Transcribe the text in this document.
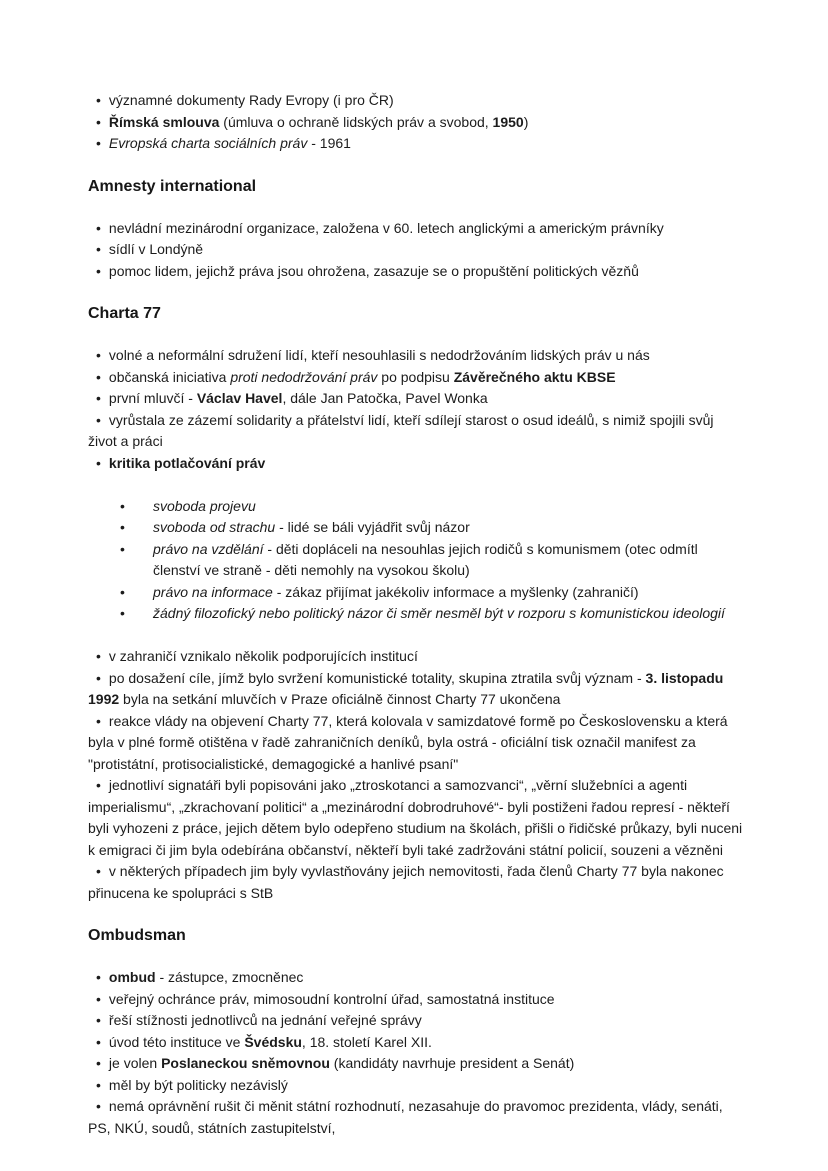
• významné dokumenty Rady Evropy (i pro ČR)

• Římská smlouva (úmluva o ochraně lidských práv a svobod, 1950)

• Evropská charta sociálních práv - 1961

Amnesty international

• nevládní mezinárodní organizace, založena v 60. letech anglickými a americkým právníky

• sídlí v Londýně

• pomoc lidem, jejichž práva jsou ohrožena, zasazuje se o propuštění politických vězňů

Charta 77

• volné a neformální sdružení lidí, kteří nesouhlasili s nedodržováním lidských práv u nás

• občanská iniciativa proti nedodržování práv po podpisu Závěrečného aktu KBSE

• první mluvčí - Václav Havel, dále Jan Patočka, Pavel Wonka

• vyrůstala ze zázemí solidarity a přátelství lidí, kteří sdílejí starost o osud ideálů, s nimiž spojili svůj život a práci

• kritika potlačování práv

• svoboda projevu

• svoboda od strachu - lidé se báli vyjádřit svůj názor

• právo na vzdělání - děti dopláceli na nesouhlas jejich rodičů s komunismem (otec odmítl členství ve straně - děti nemohly na vysokou školu)

• právo na informace - zákaz přijímat jakékoliv informace a myšlenky (zahraničí)

• žádný filozofický nebo politický názor či směr nesměl být v rozporu s komunistickou ideologií

• v zahraničí vznikalo několik podporujících institucí

• po dosažení cíle, jímž bylo svržení komunistické totality, skupina ztratila svůj význam - 3. listopadu 1992 byla na setkání mluvčích v Praze oficiálně činnost Charty 77 ukončena

• reakce vlády na objevení Charty 77, která kolovala v samizdatové formě po Československu a která byla v plné formě otištěna v řadě zahraničních deníků, byla ostrá - oficiální tisk označil manifest za "protistátní, protisocialistické, demagogické a hanlivé psaní"

• jednotliví signatáři byli popisováni jako „ztroskotanci a samozvanci“, „věrní služebníci a agenti imperialismu“, „zkrachovaní politici“ a „mezinárodní dobrodruhové“- byli postiženi řadou represí - někteří byli vyhozeni z práce, jejich dětem bylo odepřeno studium na školách, přišli o řidičské průkazy, byli nuceni k emigraci či jim byla odebírána občanství, někteří byli také zadržováni státní policií, souzeni a vězněni

• v některých případech jim byly vyvlastňovány jejich nemovitosti, řada členů Charty 77 byla nakonec přinucena ke spolupráci s StB

Ombudsman

• ombud - zástupce, zmocněnec

• veřejný ochránce práv, mimosoudní kontrolní úřad, samostatná instituce

• řeší stížnosti jednotlivců na jednání veřejné správy

• úvod této instituce ve Švédsku, 18. století Karel XII.

• je volen Poslaneckou sněmovnou (kandidáty navrhuje president a Senát)

• měl by být politicky nezávislý

• nemá oprávnění rušit či měnit státní rozhodnutí, nezasahuje do pravomoc prezidenta, vlády, senáti, PS, NKÚ, soudů, státních zastupitelství,
